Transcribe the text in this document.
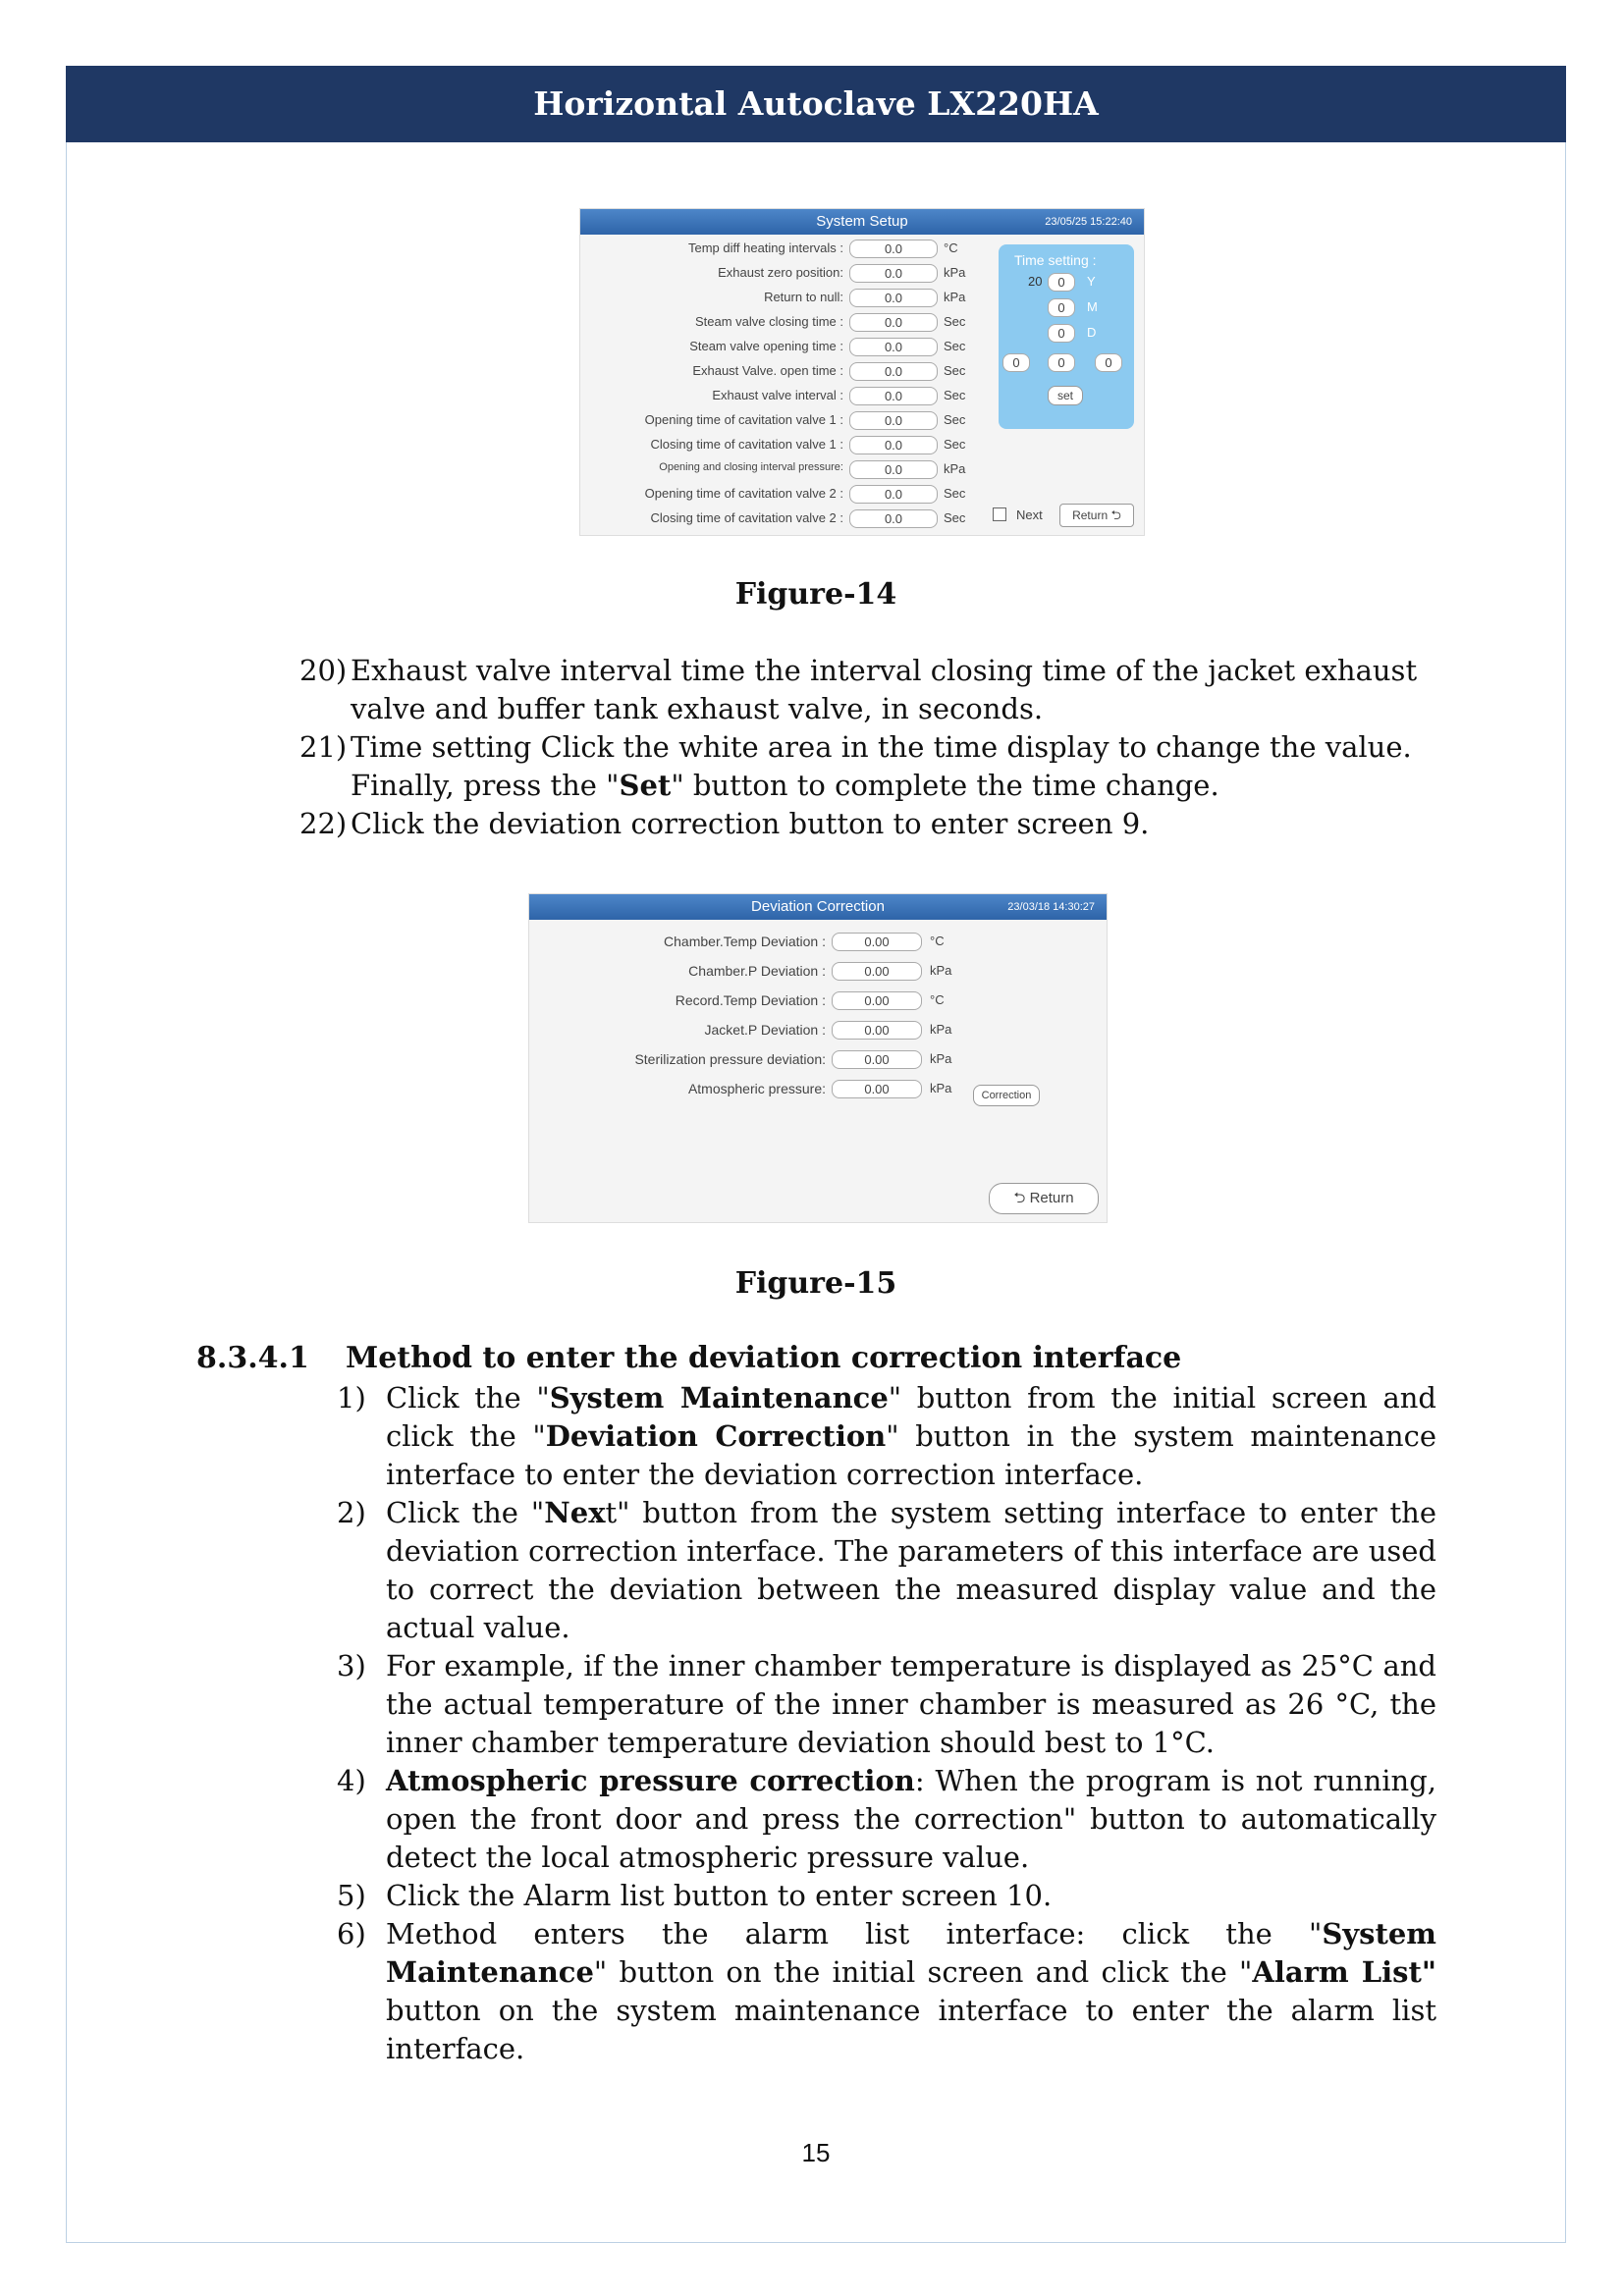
Horizontal Autoclave LX220HA
System Setup	23/05/25 15:22:40
Temp diff heating intervals :	0.0	°C
Exhaust zero position:	0.0	kPa
Return to null:	0.0	kPa
Steam valve closing time :	0.0	Sec
Steam valve opening time :	0.0	Sec
Exhaust Valve. open time :	0.0	Sec
Exhaust valve interval :	0.0	Sec
Opening time of cavitation valve 1 :	0.0	Sec
Closing time of cavitation valve 1 :	0.0	Sec
Opening and closing interval pressure:	0.0	kPa
Opening time of cavitation valve 2 :	0.0	Sec
Closing time of cavitation valve 2 :	0.0	Sec
Time setting :
20	0	Y
0	M
0	D
0	0	0
set
Next	Return ⮌
Figure-14
20) Exhaust valve interval time the interval closing time of the jacket exhaust valve and buffer tank exhaust valve, in seconds.
21) Time setting Click the white area in the time display to change the value. Finally, press the "Set" button to complete the time change.
22) Click the deviation correction button to enter screen 9.
Deviation Correction	23/03/18 14:30:27
Chamber.Temp Deviation :	0.00	°C
Chamber.P Deviation :	0.00	kPa
Record.Temp Deviation :	0.00	°C
Jacket.P Deviation :	0.00	kPa
Sterilization pressure deviation:	0.00	kPa
Atmospheric pressure:	0.00	kPa	Correction
⮌ Return
Figure-15
8.3.4.1 Method to enter the deviation correction interface
1) Click the "System Maintenance" button from the initial screen and click the "Deviation Correction" button in the system maintenance interface to enter the deviation correction interface.
2) Click the "Next" button from the system setting interface to enter the deviation correction interface. The parameters of this interface are used to correct the deviation between the measured display value and the actual value.
3) For example, if the inner chamber temperature is displayed as 25°C and the actual temperature of the inner chamber is measured as 26 °C, the inner chamber temperature deviation should best to 1°C.
4) Atmospheric pressure correction: When the program is not running, open the front door and press the correction" button to automatically detect the local atmospheric pressure value.
5) Click the Alarm list button to enter screen 10.
6) Method enters the alarm list interface: click the "System Maintenance" button on the initial screen and click the "Alarm List" button on the system maintenance interface to enter the alarm list interface.
15
